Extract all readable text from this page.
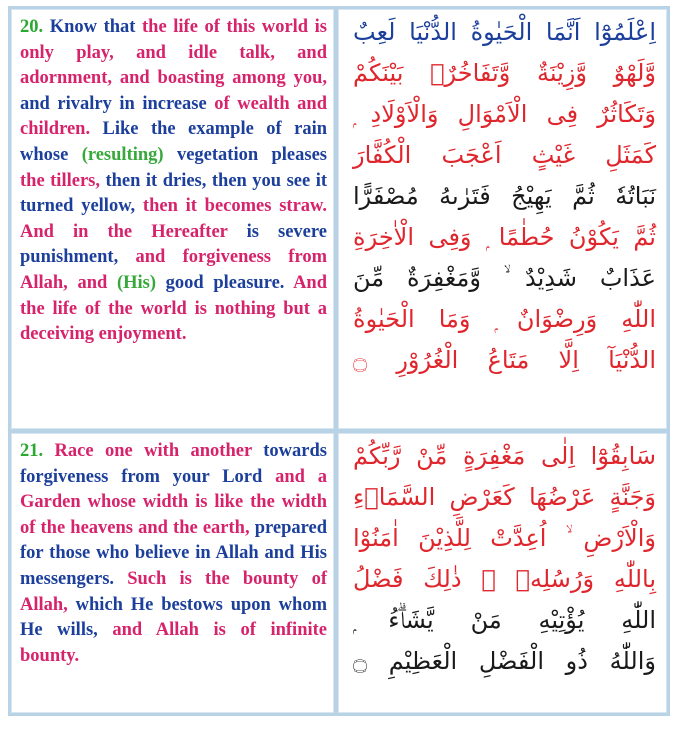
20. Know that the life of this world is only play, and idle talk, and adornment, and boasting among you, and rivalry in increase of wealth and children. Like the example of rain whose (resulting) vegetation pleases the tillers, then it dries, then you see it turned yellow, then it becomes straw. And in the Hereafter is severe punishment, and forgiveness from Allah, and (His) good pleasure. And the life of the world is nothing but a deceiving enjoyment.

اِعْلَمُوْٓا اَنَّمَا الْحَيٰوةُ الدُّنْيَا لَعِبٌ
وَّلَهْوٌ وَّزِيْنَةٌ وَّتَفَاخُرٌۢ بَيْنَكُمْ
وَتَكَاثُرٌ فِى الْاَمْوَالِ وَالْاَوْلَادِ ۭ
كَمَثَلِ غَيْثٍ اَعْجَبَ الْكُفَّارَ
نَبَاتُهٗ ثُمَّ يَهِيْجُ فَتَرٰىهُ مُصْفَرًّا
ثُمَّ يَكُوْنُ حُطٰمًا ۭ وَفِى الْاٰخِرَةِ
عَذَابٌ شَدِيْدٌ ۙ وَّمَغْفِرَةٌ مِّنَ
اللّٰهِ وَرِضْوَانٌ ۭ وَمَا الْحَيٰوةُ
الدُّنْيَآ اِلَّا مَتَاعُ الْغُرُوْرِ ۝

21. Race one with another towards forgiveness from your Lord and a Garden whose width is like the width of the heavens and the earth, prepared for those who believe in Allah and His messengers. Such is the bounty of Allah, which He bestows upon whom He wills, and Allah is of infinite bounty.

سَابِقُوْٓا اِلٰى مَغْفِرَةٍ مِّنْ رَّبِّكُمْ
وَجَنَّةٍ عَرْضُهَا كَعَرْضِ السَّمَاۗءِ
وَالْاَرْضِ ۙ اُعِدَّتْ لِلَّذِيْنَ اٰمَنُوْا
بِاللّٰهِ وَرُسُلِهٖ ۭ ذٰلِكَ فَضْلُ
اللّٰهِ يُؤْتِيْهِ مَنْ يَّشَاۗءُ ۭ
وَاللّٰهُ ذُو الْفَضْلِ الْعَظِيْمِ ۝
